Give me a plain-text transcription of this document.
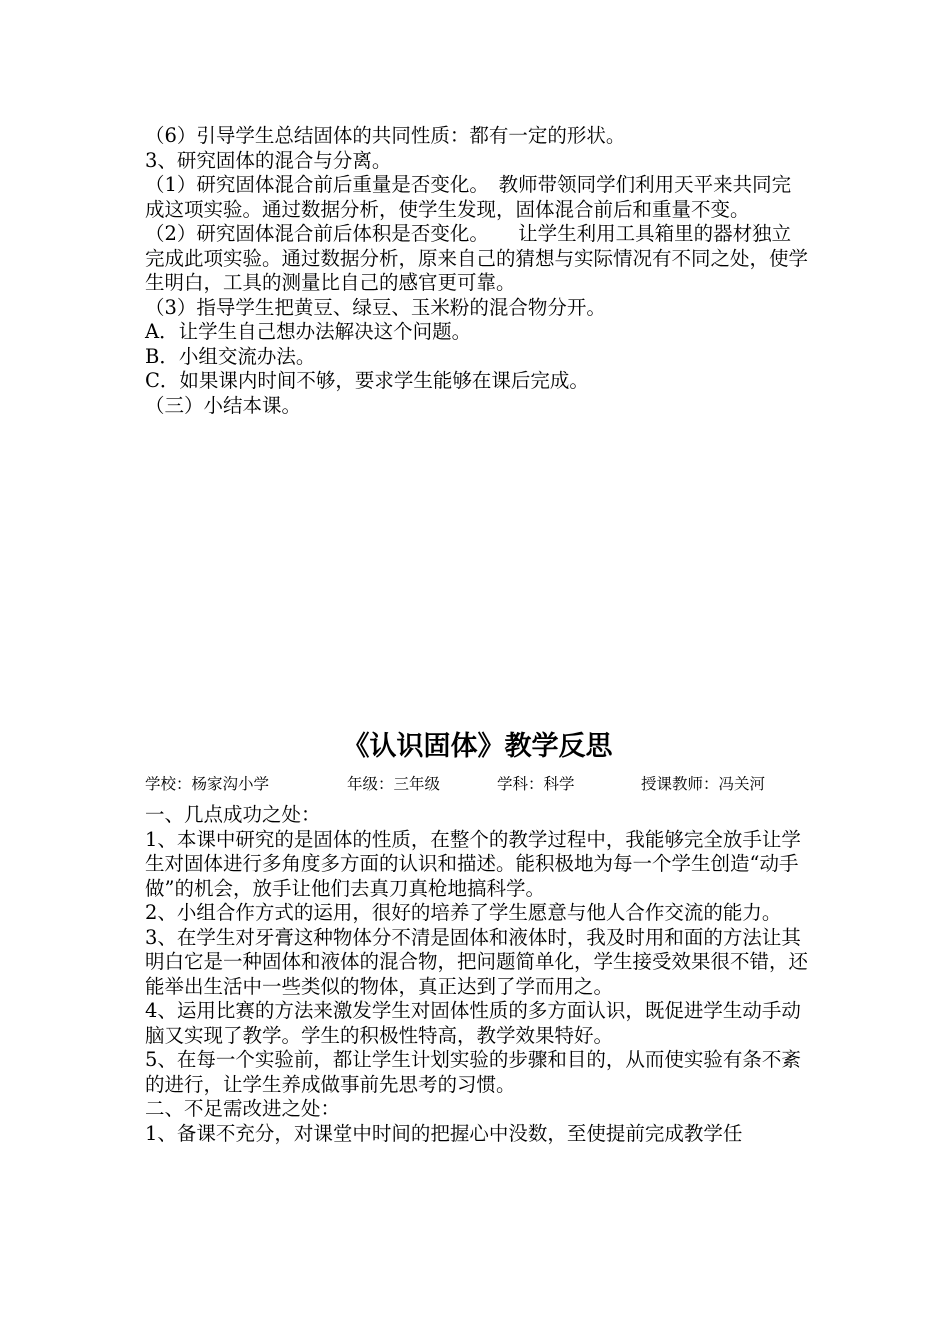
（6）引导学生总结固体的共同性质：都有一定的形状。

3、研究固体的混合与分离。

（1）研究固体混合前后重量是否变化。　教师带领同学们利用天平来共同完成这项实验。通过数据分析，使学生发现，固体混合前后和重量不变。

（2）研究固体混合前后体积是否变化。　　让学生利用工具箱里的器材独立完成此项实验。通过数据分析，原来自己的猜想与实际情况有不同之处，使学生明白，工具的测量比自己的感官更可靠。

（3）指导学生把黄豆、绿豆、玉米粉的混合物分开。

A．让学生自己想办法解决这个问题。

B．小组交流办法。

C．如果课内时间不够，要求学生能够在课后完成。

（三）小结本课。

《认识固体》教学反思
学校：杨家沟小学	年级：三年级	学科：科学	授课教师：冯关河

一、几点成功之处：

1、本课中研究的是固体的性质，在整个的教学过程中，我能够完全放手让学生对固体进行多角度多方面的认识和描述。能积极地为每一个学生创造“动手做”的机会，放手让他们去真刀真枪地搞科学。

2、小组合作方式的运用，很好的培养了学生愿意与他人合作交流的能力。

3、在学生对牙膏这种物体分不清是固体和液体时，我及时用和面的方法让其明白它是一种固体和液体的混合物，把问题简单化，学生接受效果很不错，还能举出生活中一些类似的物体，真正达到了学而用之。

4、运用比赛的方法来激发学生对固体性质的多方面认识，既促进学生动手动脑又实现了教学。学生的积极性特高，教学效果特好。

5、在每一个实验前，都让学生计划实验的步骤和目的，从而使实验有条不紊的进行，让学生养成做事前先思考的习惯。

二、不足需改进之处：

1、备课不充分，对课堂中时间的把握心中没数，至使提前完成教学任
